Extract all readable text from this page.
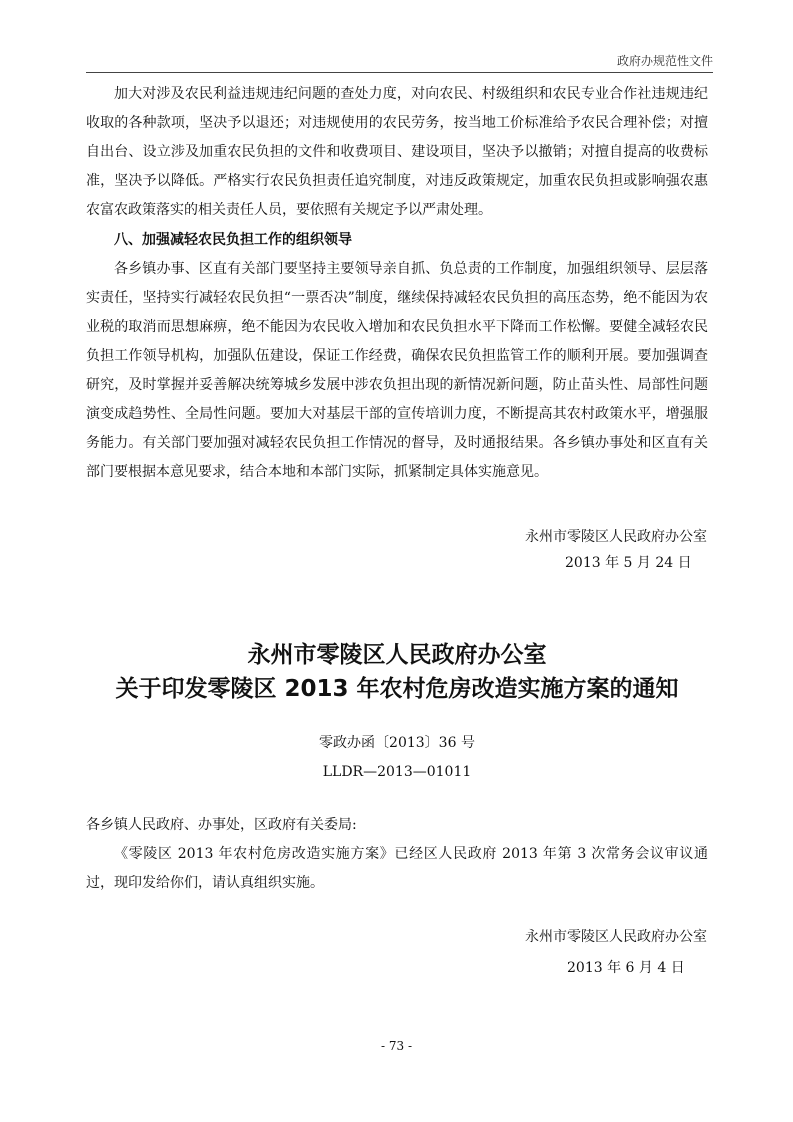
政府办规范性文件

加大对涉及农民利益违规违纪问题的查处力度，对向农民、村级组织和农民专业合作社违规违纪收取的各种款项，坚决予以退还；对违规使用的农民劳务，按当地工价标准给予农民合理补偿；对擅自出台、设立涉及加重农民负担的文件和收费项目、建设项目，坚决予以撤销；对擅自提高的收费标准，坚决予以降低。严格实行农民负担责任追究制度，对违反政策规定，加重农民负担或影响强农惠农富农政策落实的相关责任人员，要依照有关规定予以严肃处理。

八、加强减轻农民负担工作的组织领导

各乡镇办事、区直有关部门要坚持主要领导亲自抓、负总责的工作制度，加强组织领导、层层落实责任，坚持实行减轻农民负担“一票否决”制度，继续保持减轻农民负担的高压态势，绝不能因为农业税的取消而思想麻痹，绝不能因为农民收入增加和农民负担水平下降而工作松懈。要健全减轻农民负担工作领导机构，加强队伍建设，保证工作经费，确保农民负担监管工作的顺利开展。要加强调查研究，及时掌握并妥善解决统筹城乡发展中涉农负担出现的新情况新问题，防止苗头性、局部性问题演变成趋势性、全局性问题。要加大对基层干部的宣传培训力度，不断提高其农村政策水平，增强服务能力。有关部门要加强对减轻农民负担工作情况的督导，及时通报结果。各乡镇办事处和区直有关部门要根据本意见要求，结合本地和本部门实际，抓紧制定具体实施意见。

永州市零陵区人民政府办公室
2013 年 5 月 24 日
永州市零陵区人民政府办公室
关于印发零陵区 2013 年农村危房改造实施方案的通知
零政办函〔2013〕36 号
LLDR—2013—01011
各乡镇人民政府、办事处，区政府有关委局:
《零陵区 2013 年农村危房改造实施方案》已经区人民政府 2013 年第 3 次常务会议审议通过，现印发给你们，请认真组织实施。
永州市零陵区人民政府办公室
2013 年 6 月 4 日
- 73 -
